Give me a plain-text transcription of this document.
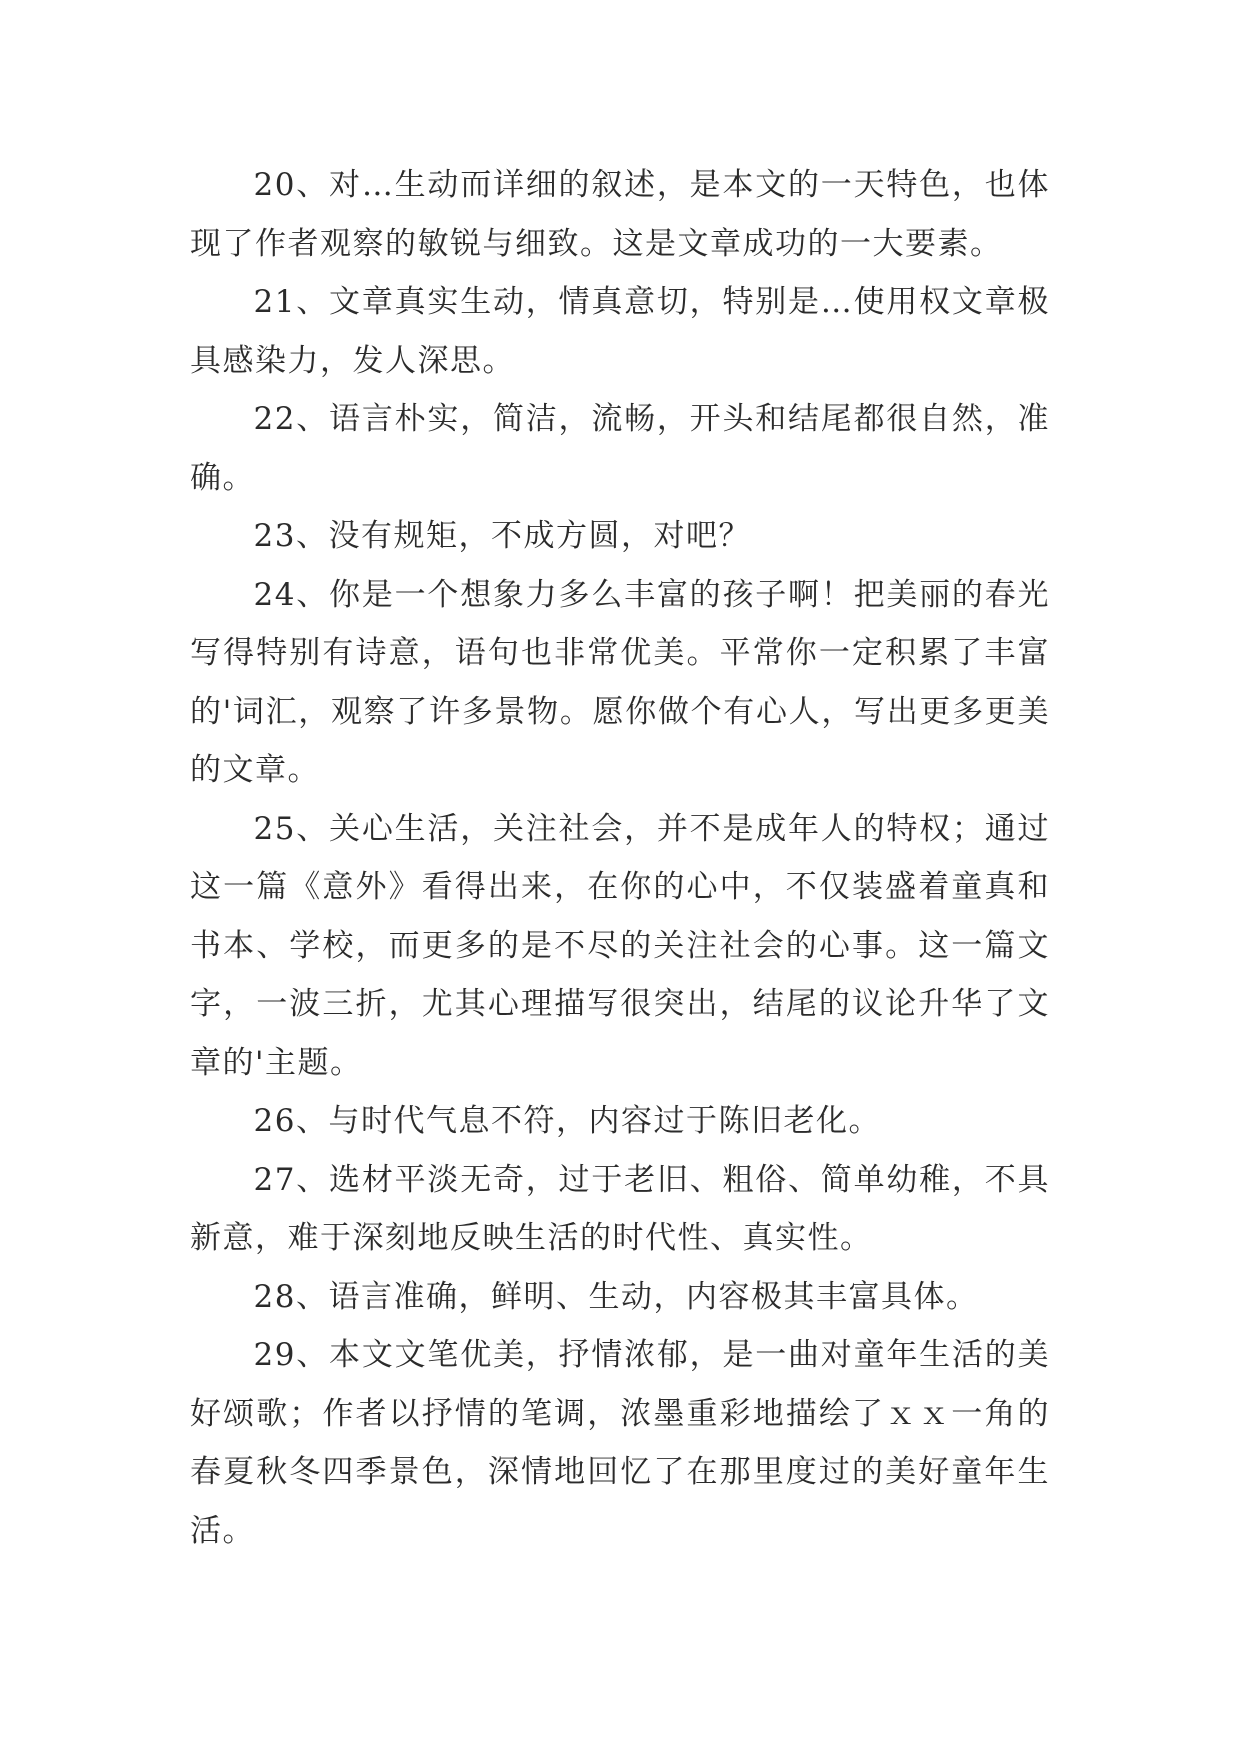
20、对…生动而详细的叙述，是本文的一天特色，也体现了作者观察的敏锐与细致。这是文章成功的一大要素。

21、文章真实生动，情真意切，特别是…使用权文章极具感染力，发人深思。

22、语言朴实，简洁，流畅，开头和结尾都很自然，准确。

23、没有规矩，不成方圆，对吧？

24、你是一个想象力多么丰富的孩子啊！把美丽的春光写得特别有诗意，语句也非常优美。平常你一定积累了丰富的'词汇，观察了许多景物。愿你做个有心人，写出更多更美的文章。

25、关心生活，关注社会，并不是成年人的特权；通过这一篇《意外》看得出来，在你的心中，不仅装盛着童真和书本、学校，而更多的是不尽的关注社会的心事。这一篇文字，一波三折，尤其心理描写很突出，结尾的议论升华了文章的'主题。

26、与时代气息不符，内容过于陈旧老化。

27、选材平淡无奇，过于老旧、粗俗、简单幼稚，不具新意，难于深刻地反映生活的时代性、真实性。

28、语言准确，鲜明、生动，内容极其丰富具体。

29、本文文笔优美，抒情浓郁，是一曲对童年生活的美好颂歌；作者以抒情的笔调，浓墨重彩地描绘了ｘｘ一角的春夏秋冬四季景色，深情地回忆了在那里度过的美好童年生活。
